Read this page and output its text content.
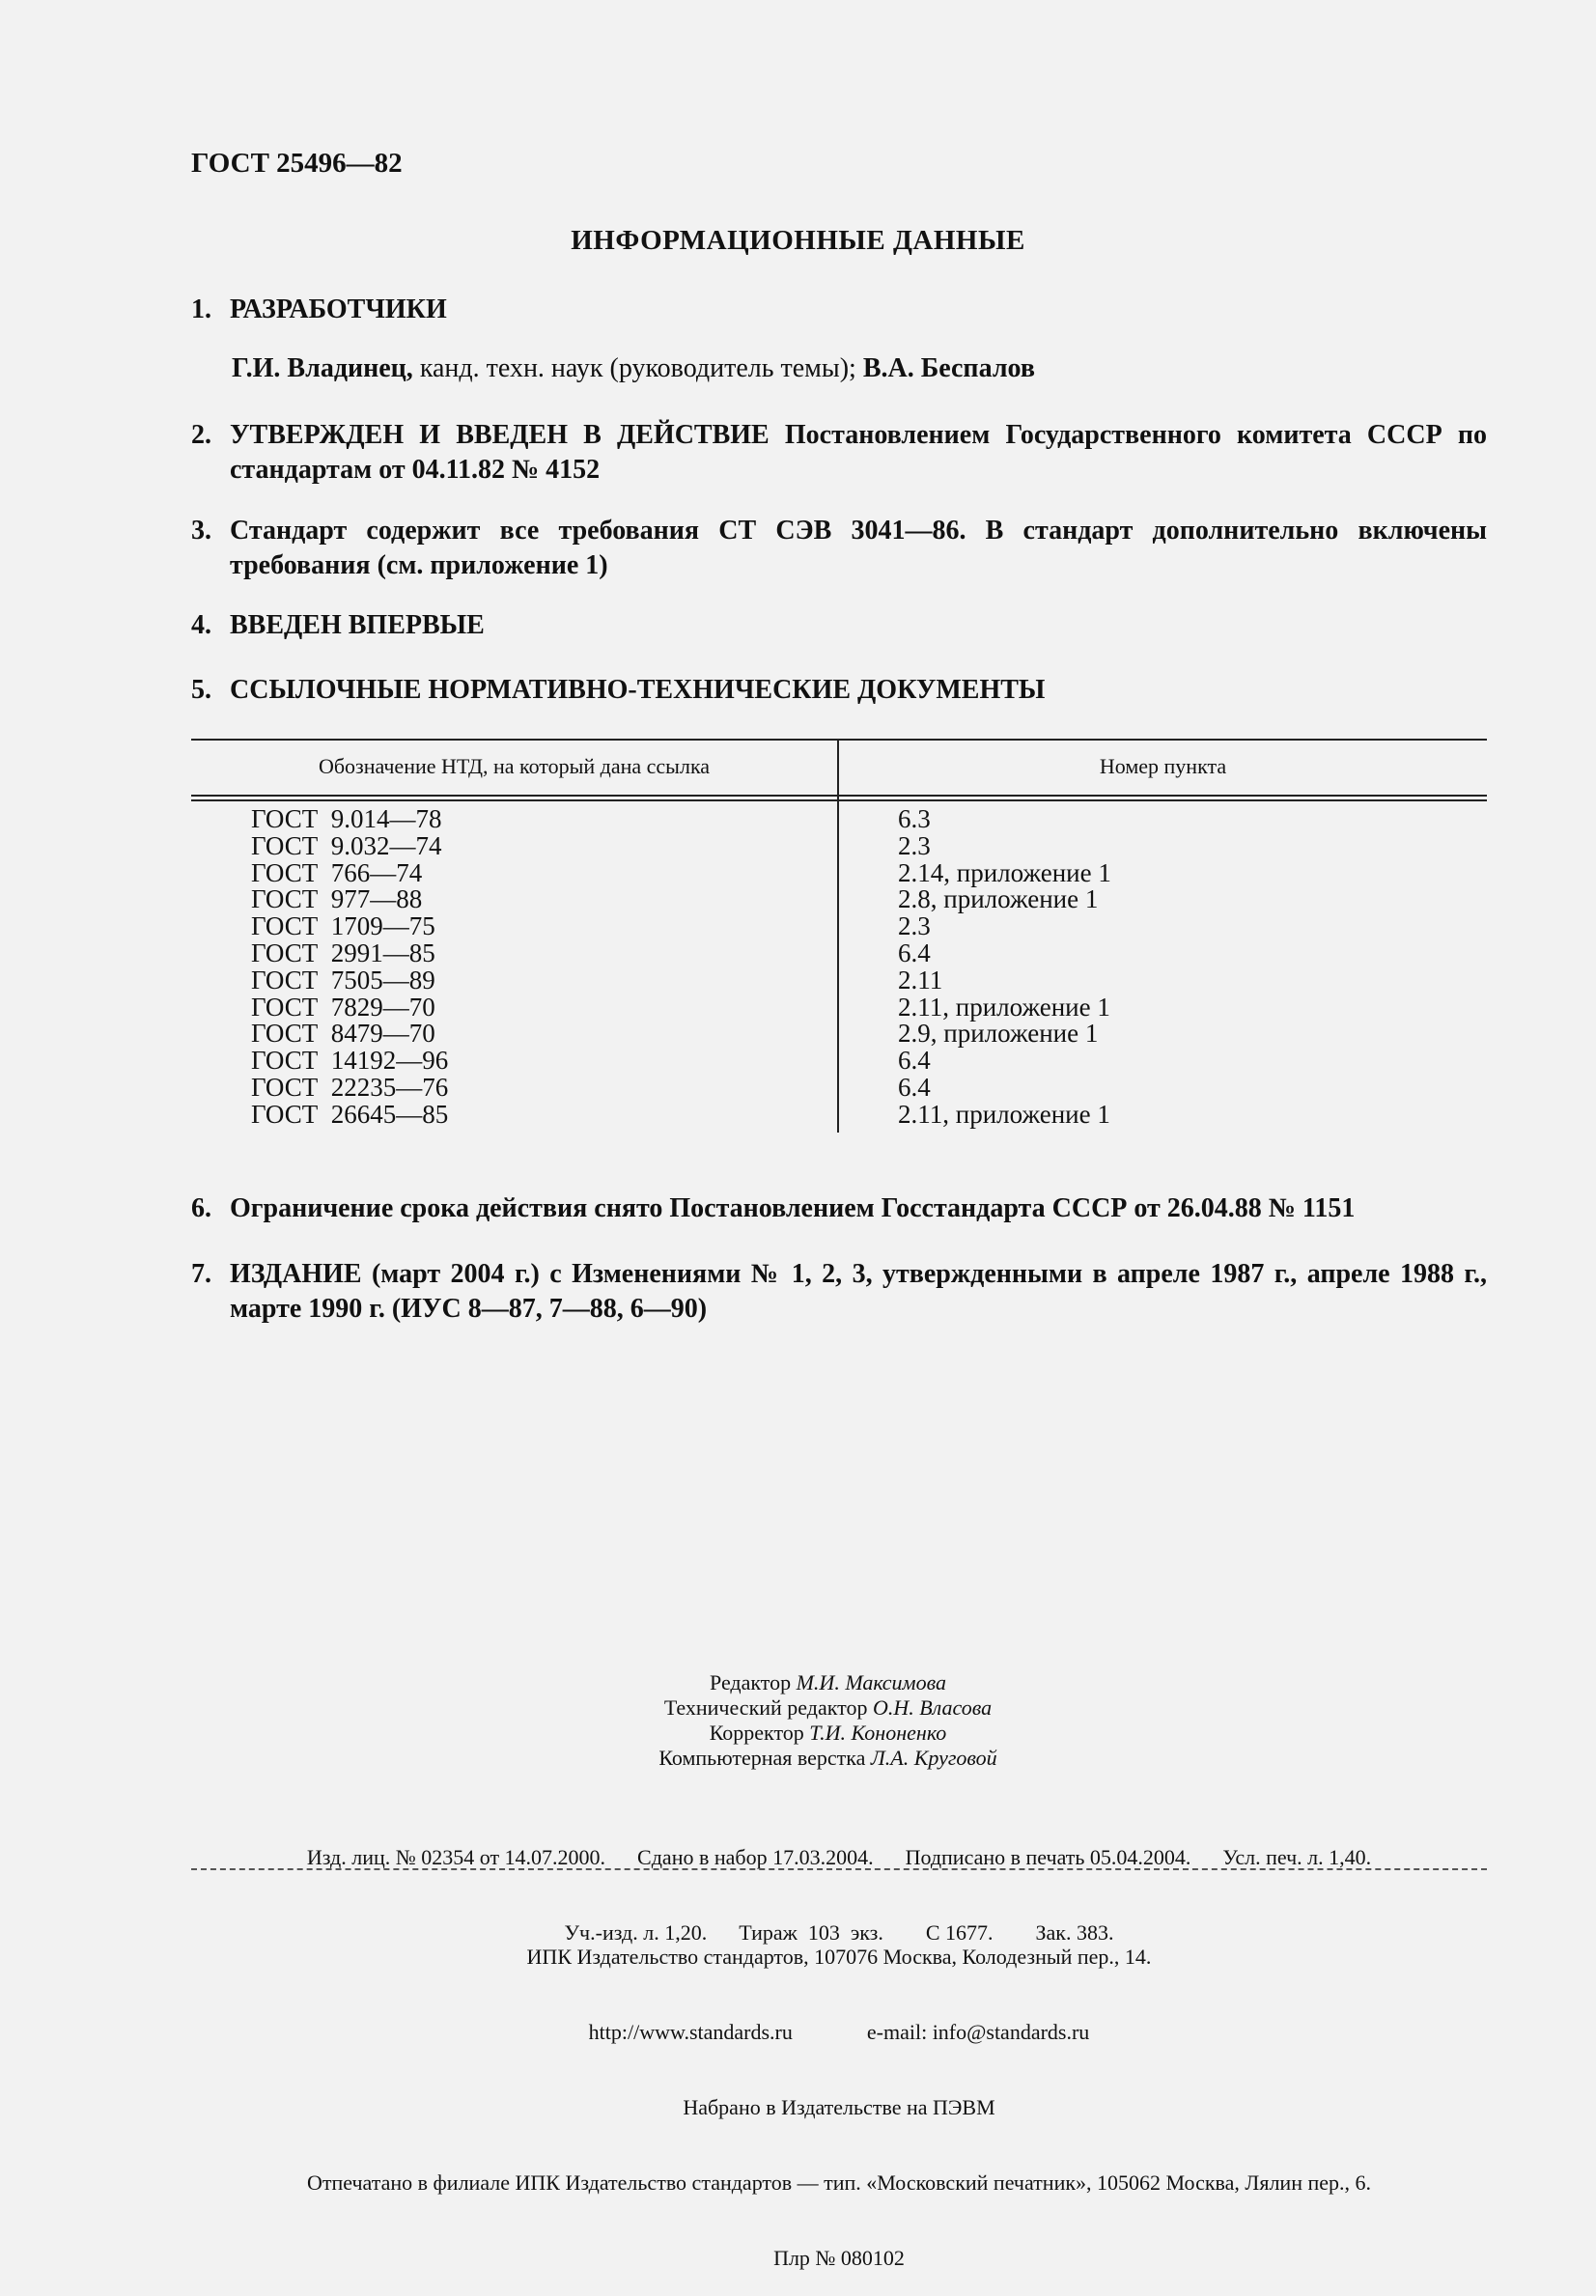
ГОСТ 25496—82
ИНФОРМАЦИОННЫЕ ДАННЫЕ
1. РАЗРАБОТЧИКИ
Г.И. Владинец, канд. техн. наук (руководитель темы); В.А. Беспалов
2. УТВЕРЖДЕН И ВВЕДЕН В ДЕЙСТВИЕ Постановлением Государственного комитета СССР по стандартам от 04.11.82 № 4152
3. Стандарт содержит все требования СТ СЭВ 3041—86. В стандарт дополнительно включены требования (см. приложение 1)
4. ВВЕДЕН ВПЕРВЫЕ
5. ССЫЛОЧНЫЕ НОРМАТИВНО-ТЕХНИЧЕСКИЕ ДОКУМЕНТЫ
Обозначение НТД, на который дана ссылка	Номер пункта
ГОСТ  9.014—78	6.3
ГОСТ  9.032—74	2.3
ГОСТ  766—74	2.14, приложение 1
ГОСТ  977—88	2.8, приложение 1
ГОСТ  1709—75	2.3
ГОСТ  2991—85	6.4
ГОСТ  7505—89	2.11
ГОСТ  7829—70	2.11, приложение 1
ГОСТ  8479—70	2.9, приложение 1
ГОСТ  14192—96	6.4
ГОСТ  22235—76	6.4
ГОСТ  26645—85	2.11, приложение 1
6. Ограничение срока действия снято Постановлением Госстандарта СССР от 26.04.88 № 1151
7. ИЗДАНИЕ (март 2004 г.) с Изменениями № 1, 2, 3, утвержденными в апреле 1987 г., апреле 1988 г., марте 1990 г. (ИУС 8—87, 7—88, 6—90)
Редактор М.И. Максимова
Технический редактор О.Н. Власова
Корректор Т.И. Кононенко
Компьютерная верстка Л.А. Круговой

Изд. лиц. № 02354 от 14.07.2000.      Сдано в набор 17.03.2004.      Подписано в печать 05.04.2004.      Усл. печ. л. 1,40.

Уч.-изд. л. 1,20.      Тираж  103  экз.        С 1677.        Зак. 383.

ИПК Издательство стандартов, 107076 Москва, Колодезный пер., 14.

http://www.standards.ru              e-mail: info@standards.ru

Набрано в Издательстве на ПЭВМ

Отпечатано в филиале ИПК Издательство стандартов — тип. «Московский печатник», 105062 Москва, Лялин пер., 6.

Плр № 080102
